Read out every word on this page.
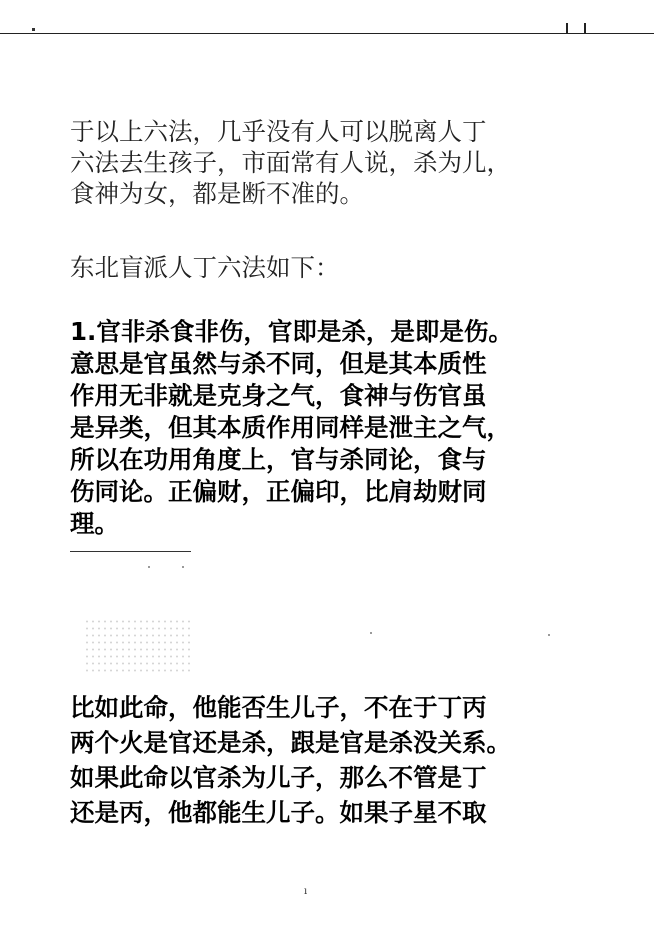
于以上六法，几乎没有人可以脱离人丁
六法去生孩子，市面常有人说，杀为儿，
食神为女，都是断不准的。

东北盲派人丁六法如下：

1.官非杀食非伤，官即是杀，是即是伤。
意思是官虽然与杀不同，但是其本质性
作用无非就是克身之气，食神与伤官虽
是异类，但其本质作用同样是泄主之气，
所以在功用角度上，官与杀同论，食与
伤同论。正偏财，正偏印，比肩劫财同
理。

比如此命，他能否生儿子，不在于丁丙
两个火是官还是杀，跟是官是杀没关系。
如果此命以官杀为儿子，那么不管是丁
还是丙，他都能生儿子。如果子星不取

ı
